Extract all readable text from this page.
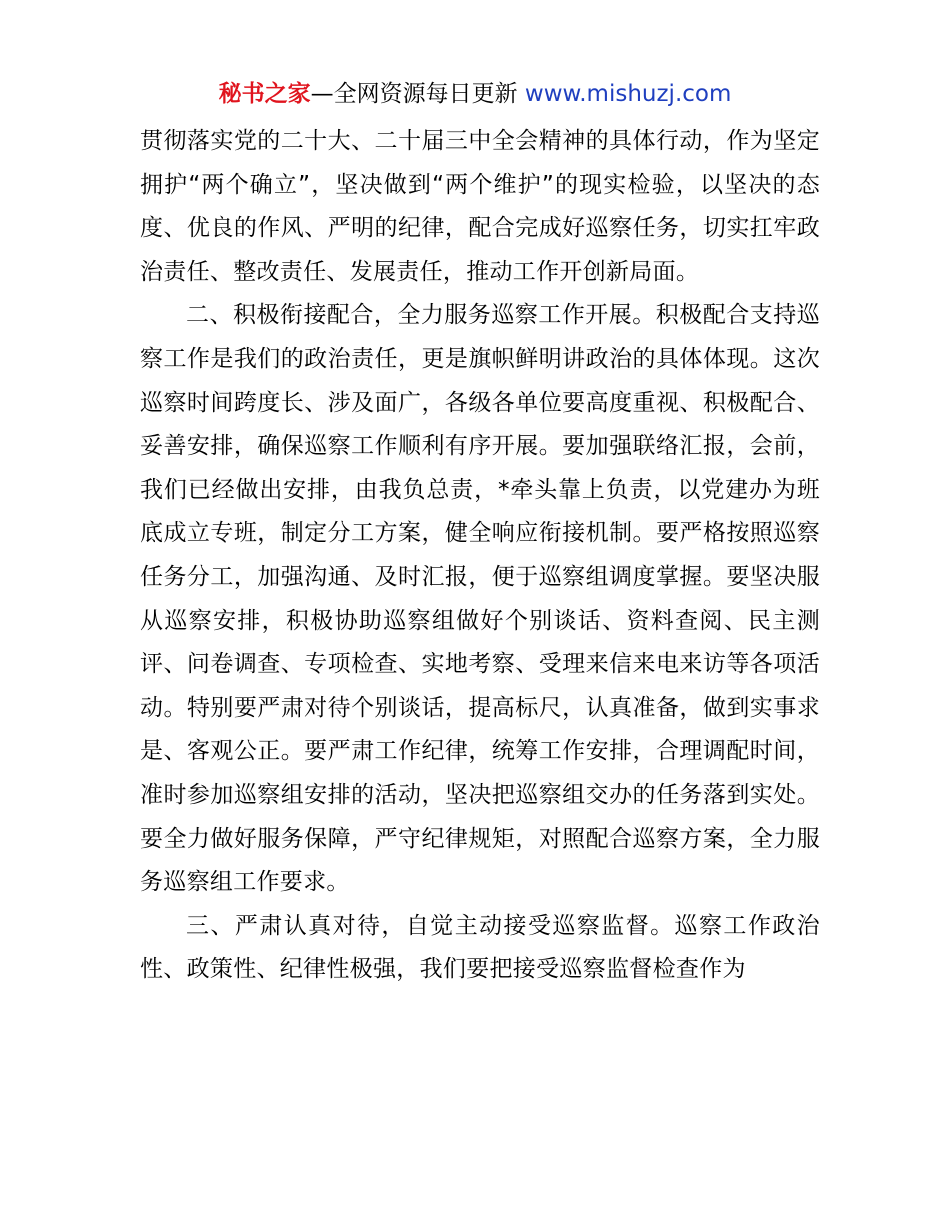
秘书之家—全网资源每日更新 www.mishuzj.com

贯彻落实党的二十大、二十届三中全会精神的具体行动，作为坚定拥护“两个确立”，坚决做到“两个维护”的现实检验，以坚决的态度、优良的作风、严明的纪律，配合完成好巡察任务，切实扛牢政治责任、整改责任、发展责任，推动工作开创新局面。

二、积极衔接配合，全力服务巡察工作开展。积极配合支持巡察工作是我们的政治责任，更是旗帜鲜明讲政治的具体体现。这次巡察时间跨度长、涉及面广，各级各单位要高度重视、积极配合、妥善安排，确保巡察工作顺利有序开展。要加强联络汇报，会前，我们已经做出安排，由我负总责，*牵头靠上负责，以党建办为班底成立专班，制定分工方案，健全响应衔接机制。要严格按照巡察任务分工，加强沟通、及时汇报，便于巡察组调度掌握。要坚决服从巡察安排，积极协助巡察组做好个别谈话、资料查阅、民主测评、问卷调查、专项检查、实地考察、受理来信来电来访等各项活动。特别要严肃对待个别谈话，提高标尺，认真准备，做到实事求是、客观公正。要严肃工作纪律，统筹工作安排，合理调配时间，准时参加巡察组安排的活动，坚决把巡察组交办的任务落到实处。要全力做好服务保障，严守纪律规矩，对照配合巡察方案，全力服务巡察组工作要求。

三、严肃认真对待，自觉主动接受巡察监督。巡察工作政治性、政策性、纪律性极强，我们要把接受巡察监督检查作为
